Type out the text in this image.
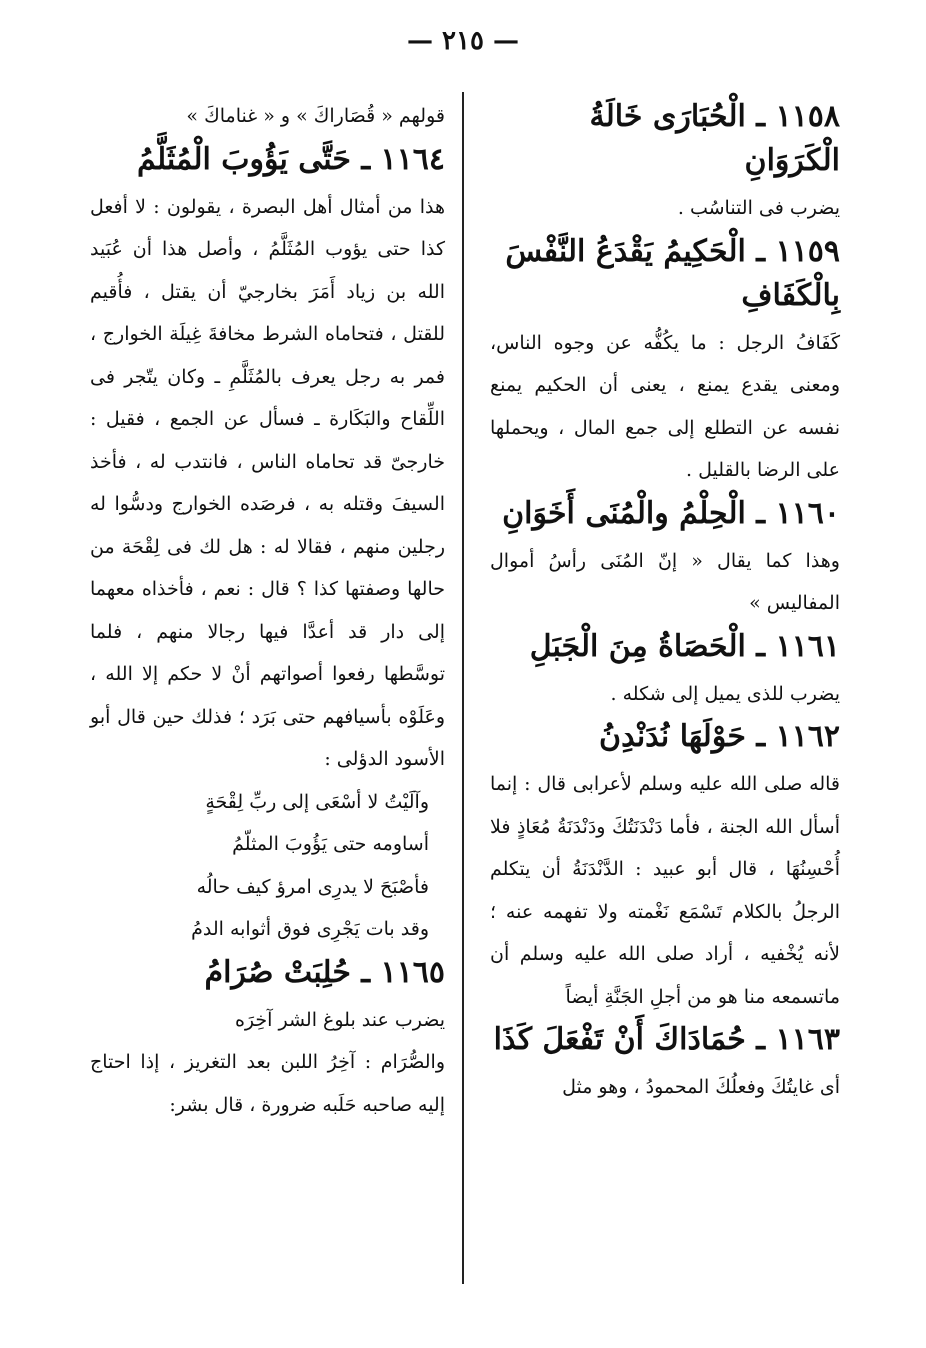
— ٢١٥ —
١١٥٨ ـ الْحُبَارَى خَالَةُ الْكَرَوَانِ

يضرب فى التناسُب .

١١٥٩ ـ الْحَكِيمُ يَقْدَعُ النَّفْسَ بِالْكَفَافِ

كَفَافُ الرجل : ما يكُفُّه عن وجوه الناس، ومعنى يقدع يمنع ، يعنى أن الحكيم يمنع نفسه عن التطلع إلى جمع المال ، ويحملها على الرضا بالقليل .

١١٦٠ ـ الْحِلْمُ والْمُنَى أَخَوَانِ

وهذا كما يقال « إنّ المُنَى رأسُ أموال المفاليس »

١١٦١ ـ الْحَصَاةُ مِنَ الْجَبَلِ

يضرب للذى يميل إلى شكله .

١١٦٢ ـ حَوْلَهَا نُدَنْدِنُ

قاله صلى الله عليه وسلم لأعرابى قال : إنما أسأل الله الجنة ، فأما دَنْدَنَتُكَ ودَنْدَنَةُ مُعَاذٍ فلا أُحْسِنُهَا ، قال أبو عبيد : الدَّنْدَنَةُ أن يتكلم الرجلُ بالكلام تَسْمَع نَغْمته ولا تفهمه عنه ؛ لأنه يُخْفيه ، أراد صلى الله عليه وسلم أن ماتسمعه منا هو من أجلِ الجَنَّةِ أيضاً

١١٦٣ ـ حُمَادَاكَ أَنْ تَفْعَلَ كَذَا

أى غايتُكَ وفعلُكَ المحمودُ ، وهو مثل

قولهم « قُصَاراكَ » و « غناماكَ »

١١٦٤ ـ حَتَّى يَؤُوبَ الْمُثَلَّمُ

هذا من أمثال أهل البصرة ، يقولون : لا أفعل كذا حتى يؤوب المُثَلَّمُ ، وأصل هذا أن عُبَيد الله بن زياد أَمَرَ بخارجيّ أن يقتل ، فأُقيم للقتل ، فتحاماه الشرط مخافةَ غِيلَة الخوارج ، فمر به رجل يعرف بالمُثَلَّمِ ـ وكان يتّجر فى اللِّقاح والبَكَارة ـ فسأل عن الجمع ، فقيل : خارجىّ قد تحاماه الناس ، فانتدب له ، فأخذ السيفَ وقتله به ، فرصَده الخوارج ودسُّوا له رجلين منهم ، فقالا له : هل لك فى لِقْحَة من حالها وصفتها كذا ؟ قال : نعم ، فأخذاه معهما إلى دار قد أعدَّا فيها رجالا منهم ، فلما توسَّطها رفعوا أصواتهم أنْ لا حكم إلا الله ، وعَلَوْه بأسيافهم حتى بَرَد ؛ فذلك حين قال أبو الأسود الدؤلى :

وآلَيْتُ لا أسْعَى إلى ربِّ لِقْحَةٍ

أساومه حتى يَؤُوبَ المثلّمُ

فأصْبَحَ لا يدرِى امرؤ كيف حالُه

وقد بات يَجْرِى فوق أثوابه الدمُ

١١٦٥ ـ حُلِبَتْ صُرَامُ

يضرب عند بلوغ الشر آخِرَه

والصُّرَام : آخِرُ اللبن بعد التغريز ، إذا احتاج إليه صاحبه حَلَبه ضرورة ، قال بشر:
